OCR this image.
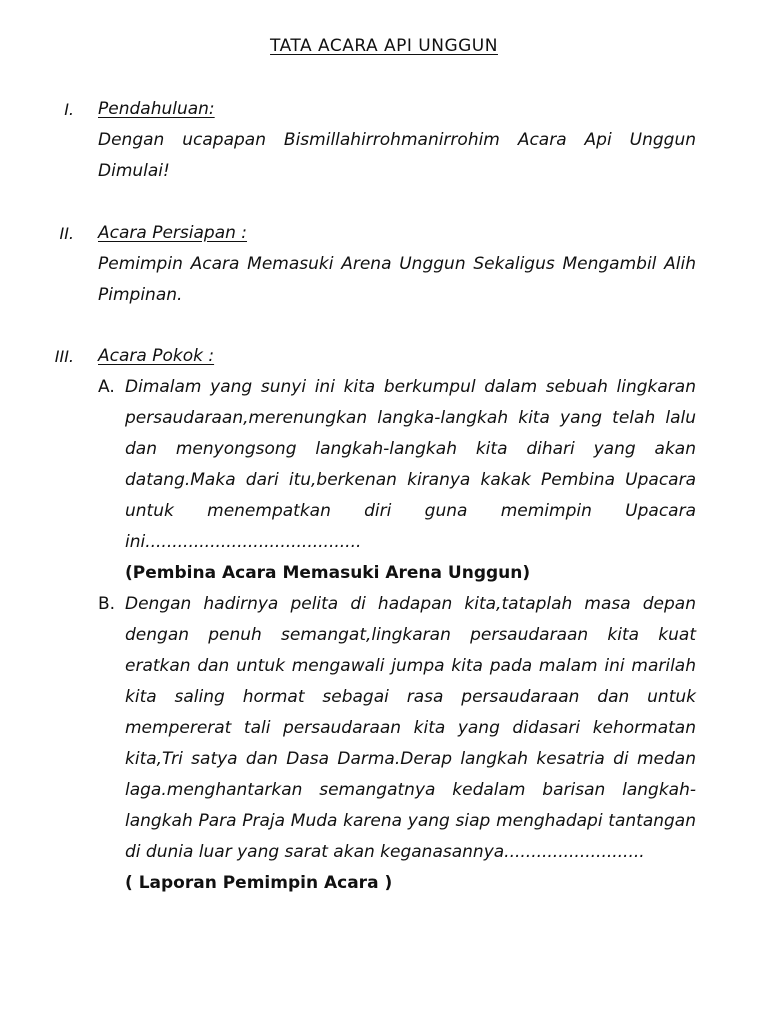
TATA ACARA API UNGGUN
I. Pendahuluan:

Dengan ucapapan Bismillahirrohmanirrohim Acara Api Unggun Dimulai!

II. Acara Persiapan :

Pemimpin Acara Memasuki Arena Unggun Sekaligus Mengambil Alih Pimpinan.

III. Acara Pokok :

A. Dimalam yang sunyi ini kita berkumpul dalam sebuah lingkaran persaudaraan,merenungkan langka-langkah kita yang telah lalu dan menyongsong langkah-langkah kita dihari yang akan datang.Maka dari itu,berkenan kiranya kakak Pembina Upacara untuk menempatkan diri guna memimpin Upacara ini........................................

(Pembina Acara Memasuki Arena Unggun)

B. Dengan hadirnya pelita di hadapan kita,tataplah masa depan dengan penuh semangat,lingkaran persaudaraan kita kuat eratkan dan untuk mengawali jumpa kita pada malam ini marilah kita saling hormat sebagai rasa persaudaraan dan untuk mempererat tali persaudaraan kita yang didasari kehormatan kita,Tri satya dan Dasa Darma.Derap langkah kesatria di medan laga.menghantarkan semangatnya kedalam barisan langkah-langkah Para Praja Muda karena yang siap menghadapi tantangan di dunia luar yang sarat akan keganasannya..........................

( Laporan Pemimpin Acara )
